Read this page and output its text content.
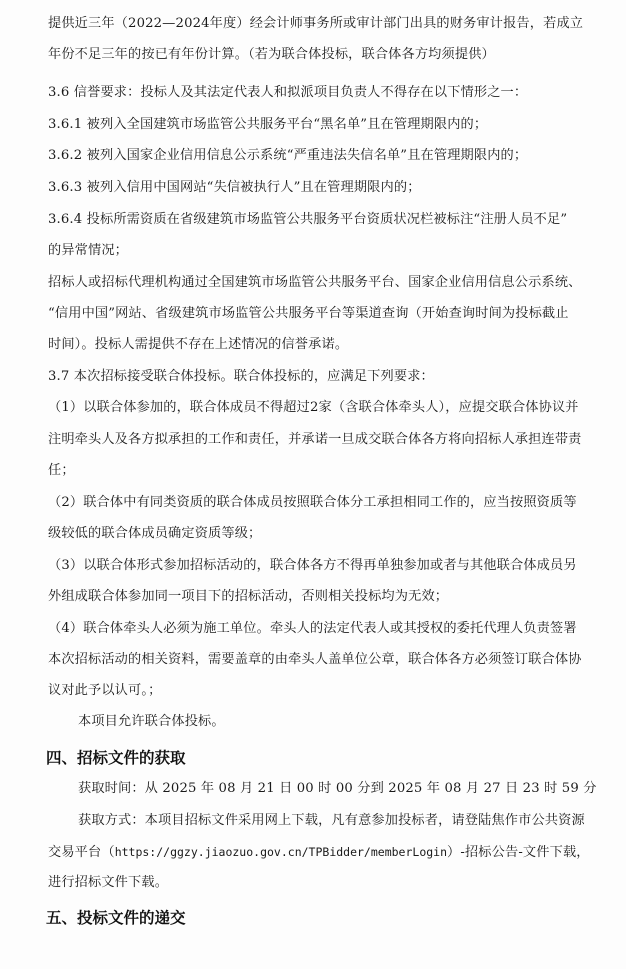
提供近三年（2022—2024年度）经会计师事务所或审计部门出具的财务审计报告，若成立
年份不足三年的按已有年份计算。（若为联合体投标，联合体各方均须提供）
3.6 信誉要求：投标人及其法定代表人和拟派项目负责人不得存在以下情形之一：
3.6.1 被列入全国建筑市场监管公共服务平台“黑名单”且在管理期限内的；
3.6.2 被列入国家企业信用信息公示系统“严重违法失信名单”且在管理期限内的；
3.6.3 被列入信用中国网站“失信被执行人”且在管理期限内的；
3.6.4 投标所需资质在省级建筑市场监管公共服务平台资质状况栏被标注“注册人员不足”
的异常情况；
招标人或招标代理机构通过全国建筑市场监管公共服务平台、国家企业信用信息公示系统、
“信用中国”网站、省级建筑市场监管公共服务平台等渠道查询（开始查询时间为投标截止
时间）。投标人需提供不存在上述情况的信誉承诺。
3.7 本次招标接受联合体投标。联合体投标的，应满足下列要求：
（1）以联合体参加的，联合体成员不得超过2家（含联合体牵头人），应提交联合体协议并
注明牵头人及各方拟承担的工作和责任，并承诺一旦成交联合体各方将向招标人承担连带责
任；
（2）联合体中有同类资质的联合体成员按照联合体分工承担相同工作的，应当按照资质等
级较低的联合体成员确定资质等级；
（3）以联合体形式参加招标活动的，联合体各方不得再单独参加或者与其他联合体成员另
外组成联合体参加同一项目下的招标活动，否则相关投标均为无效；
（4）联合体牵头人必须为施工单位。牵头人的法定代表人或其授权的委托代理人负责签署
本次招标活动的相关资料，需要盖章的由牵头人盖单位公章，联合体各方必须签订联合体协
议对此予以认可。；
本项目允许联合体投标。
四、招标文件的获取
获取时间：从 2025 年 08 月 21 日 00 时 00 分到 2025 年 08 月 27 日 23 时 59 分
获取方式：本项目招标文件采用网上下载，凡有意参加投标者，请登陆焦作市公共资源
交易平台（https://ggzy.jiaozuo.gov.cn/TPBidder/memberLogin）-招标公告-文件下载，
进行招标文件下载。
五、投标文件的递交
